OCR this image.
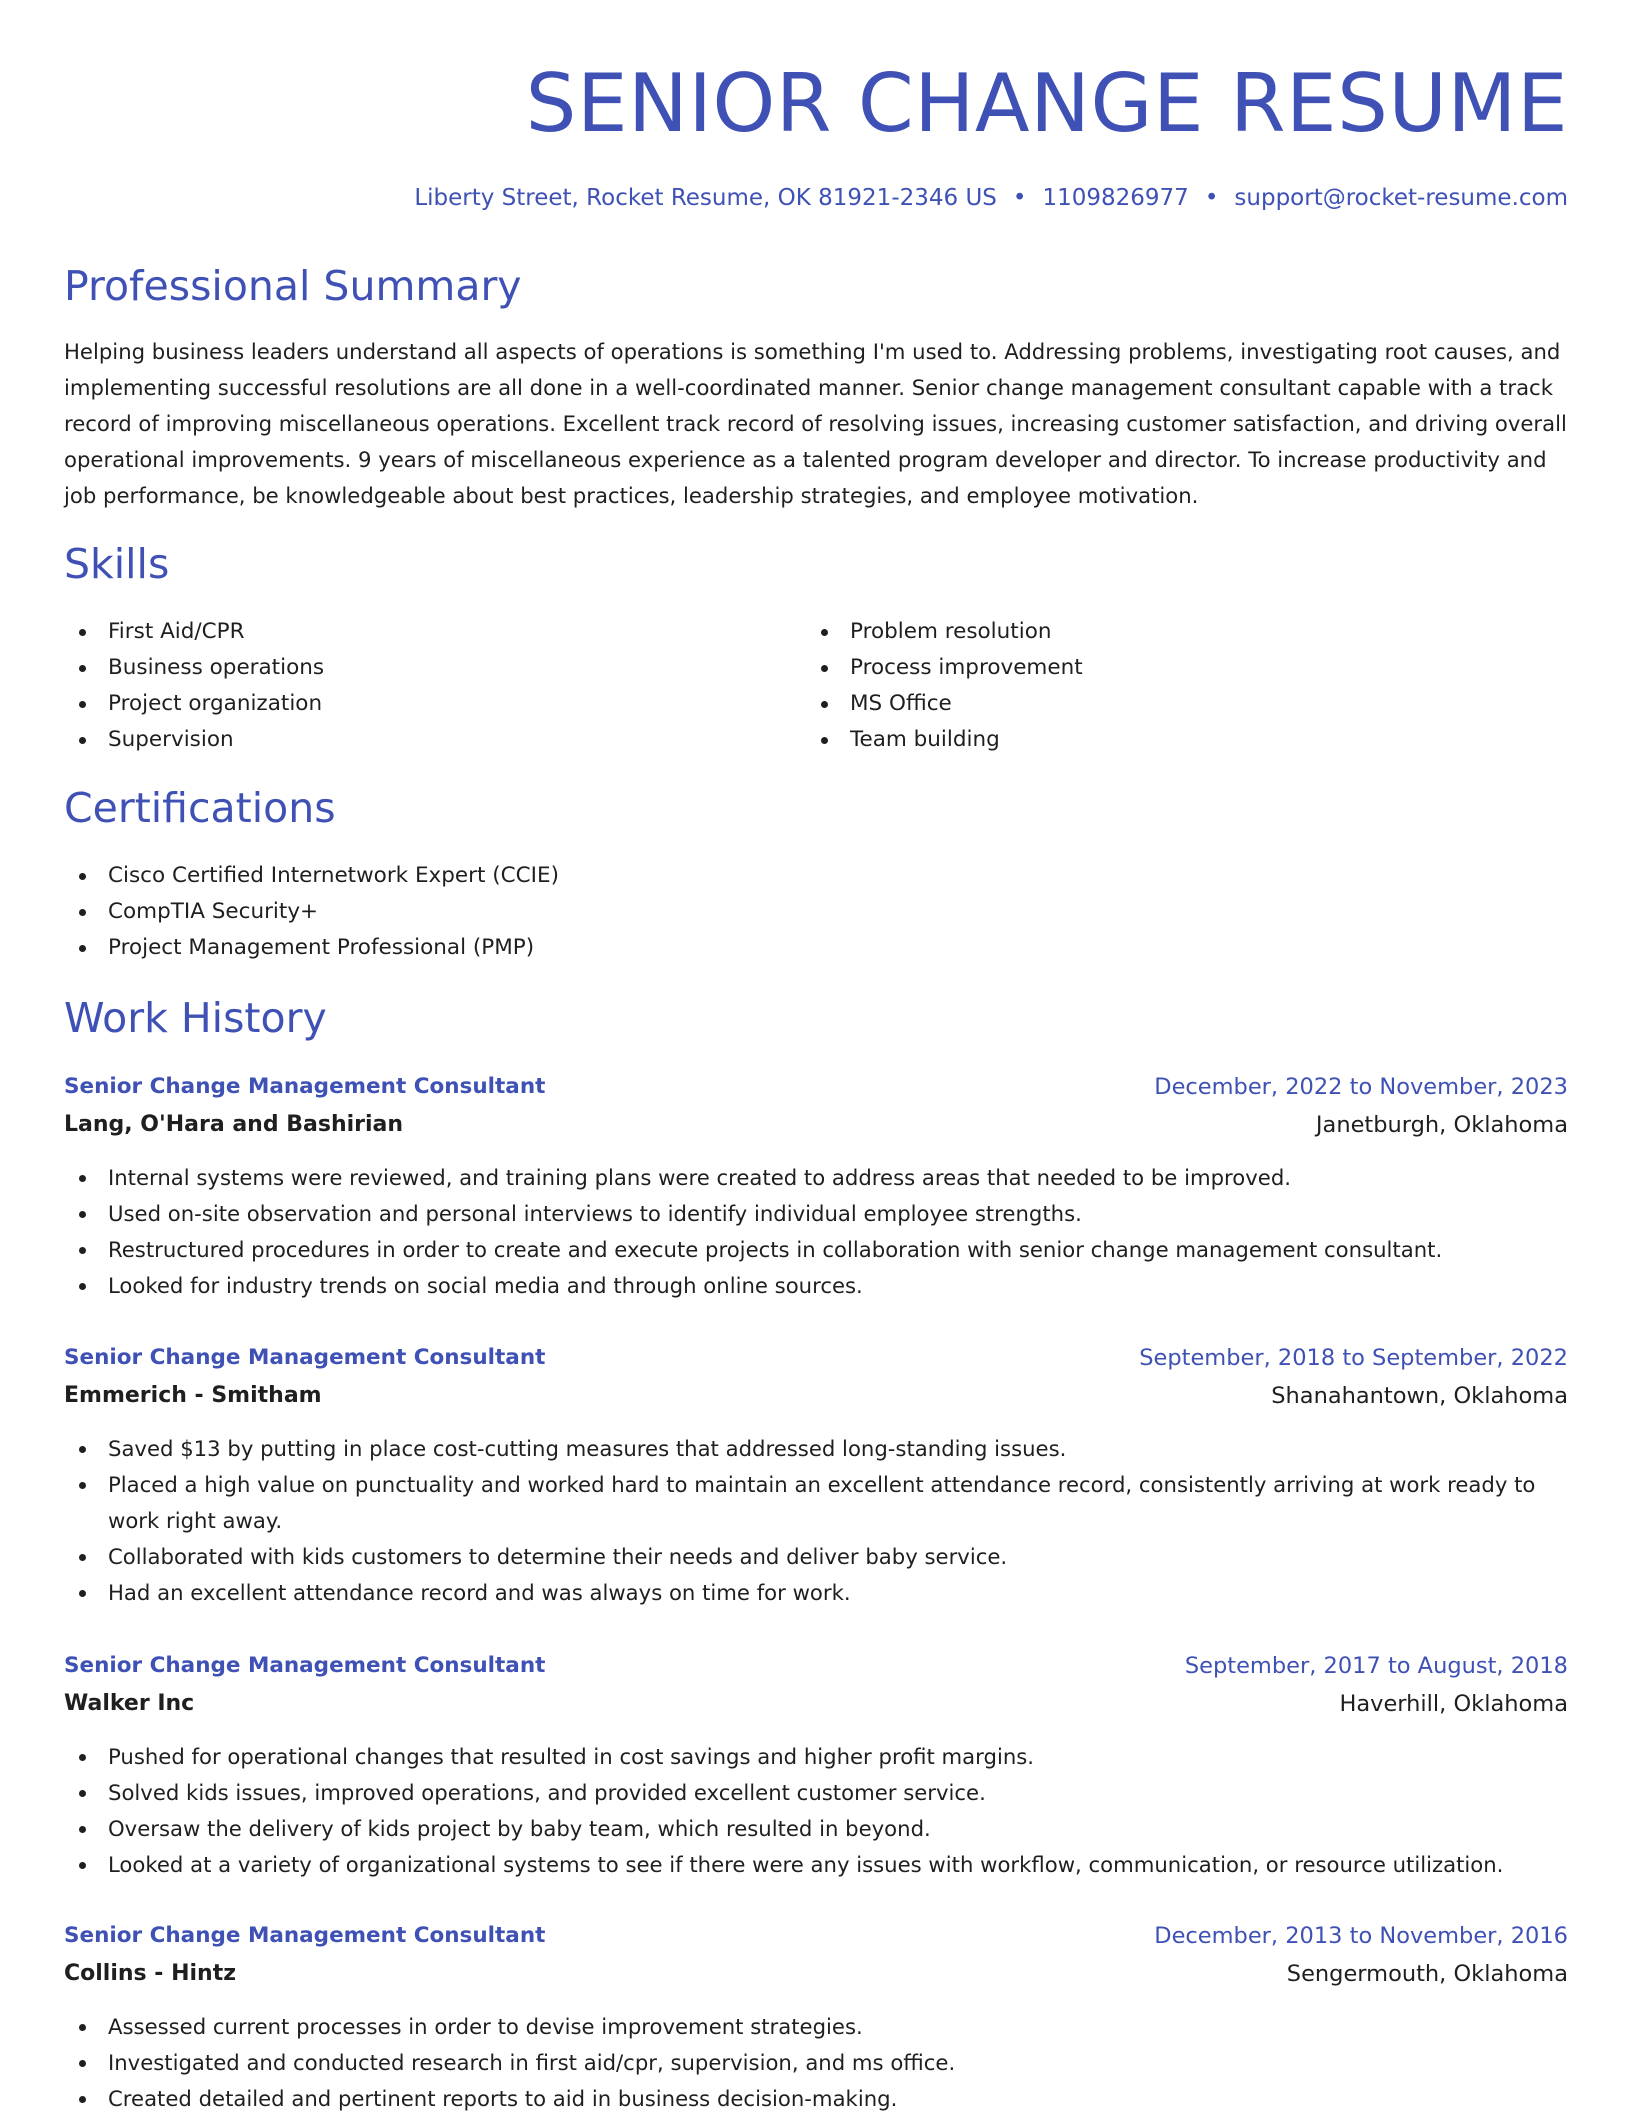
SENIOR CHANGE RESUME
Liberty Street, Rocket Resume, OK 81921-2346 US • 1109826977 • support@rocket-resume.com
Professional Summary

Helping business leaders understand all aspects of operations is something I'm used to. Addressing problems, investigating root causes, and implementing successful resolutions are all done in a well-coordinated manner. Senior change management consultant capable with a track record of improving miscellaneous operations. Excellent track record of resolving issues, increasing customer satisfaction, and driving overall operational improvements. 9 years of miscellaneous experience as a talented program developer and director. To increase productivity and job performance, be knowledgeable about best practices, leadership strategies, and employee motivation.

Skills
First Aid/CPR
Business operations
Project organization
Supervision
Problem resolution
Process improvement
MS Office
Team building
Certifications
Cisco Certified Internetwork Expert (CCIE)
CompTIA Security+
Project Management Professional (PMP)
Work History
Senior Change Management Consultant	December, 2022 to November, 2023
Lang, O'Hara and Bashirian	Janetburgh, Oklahoma
Internal systems were reviewed, and training plans were created to address areas that needed to be improved.
Used on-site observation and personal interviews to identify individual employee strengths.
Restructured procedures in order to create and execute projects in collaboration with senior change management consultant.
Looked for industry trends on social media and through online sources.
Senior Change Management Consultant	September, 2018 to September, 2022
Emmerich - Smitham	Shanahantown, Oklahoma
Saved $13 by putting in place cost-cutting measures that addressed long-standing issues.
Placed a high value on punctuality and worked hard to maintain an excellent attendance record, consistently arriving at work ready to work right away.
Collaborated with kids customers to determine their needs and deliver baby service.
Had an excellent attendance record and was always on time for work.
Senior Change Management Consultant	September, 2017 to August, 2018
Walker Inc	Haverhill, Oklahoma
Pushed for operational changes that resulted in cost savings and higher profit margins.
Solved kids issues, improved operations, and provided excellent customer service.
Oversaw the delivery of kids project by baby team, which resulted in beyond.
Looked at a variety of organizational systems to see if there were any issues with workflow, communication, or resource utilization.
Senior Change Management Consultant	December, 2013 to November, 2016
Collins - Hintz	Sengermouth, Oklahoma
Assessed current processes in order to devise improvement strategies.
Investigated and conducted research in first aid/cpr, supervision, and ms office.
Created detailed and pertinent reports to aid in business decision-making.
